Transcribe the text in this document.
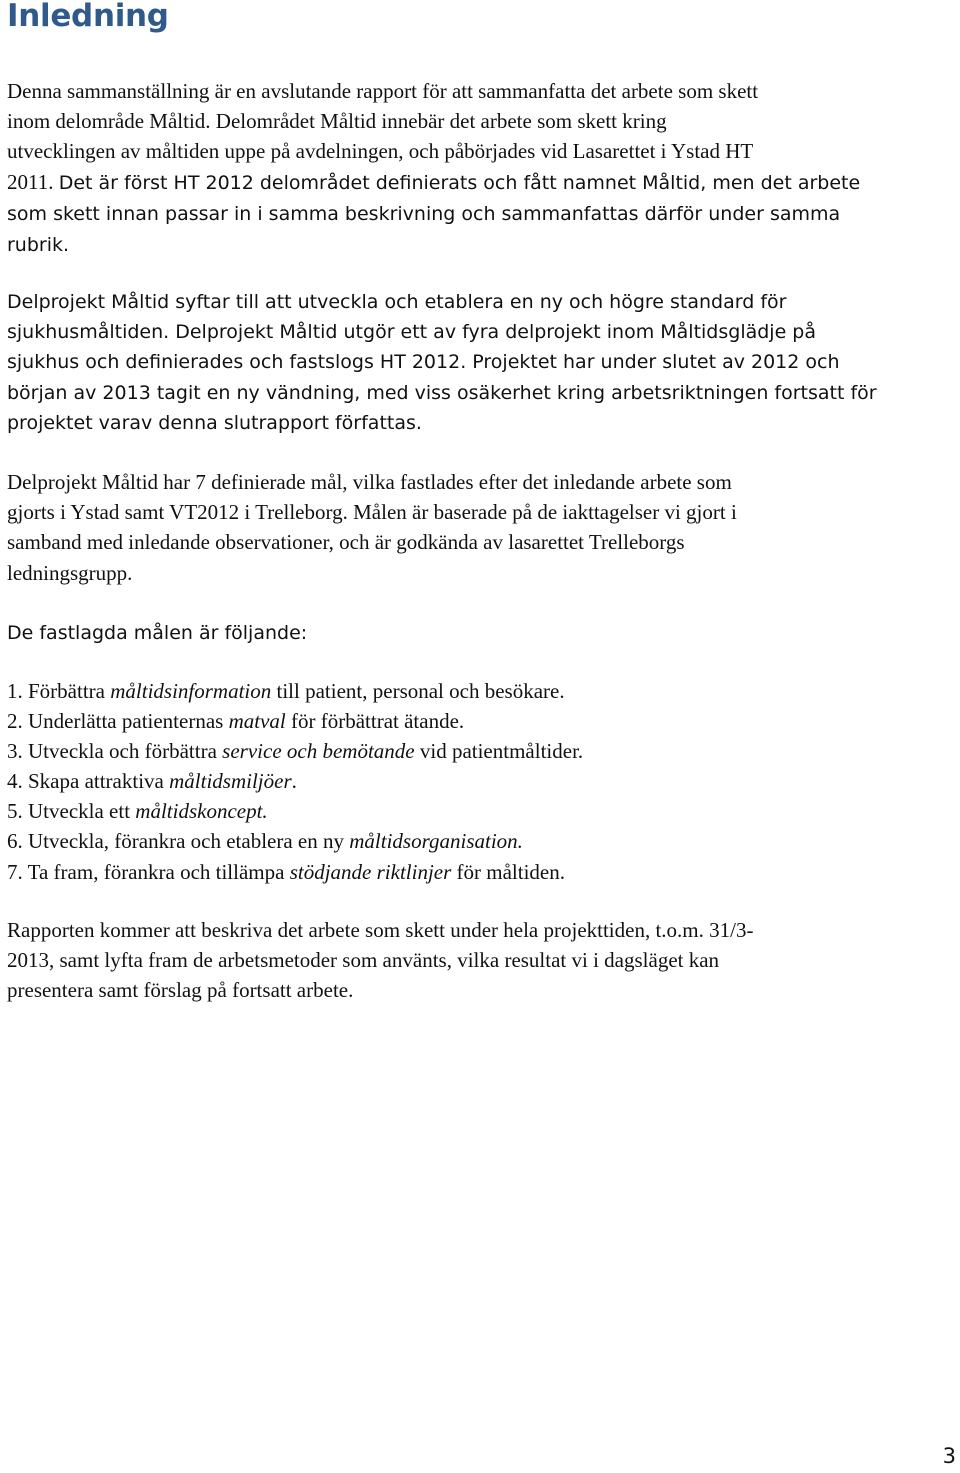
Inledning

Denna sammanställning är en avslutande rapport för att sammanfatta det arbete som skett
inom delområde Måltid. Delområdet Måltid innebär det arbete som skett kring
utvecklingen av måltiden uppe på avdelningen, och påbörjades vid Lasarettet i Ystad HT
2011. Det är först HT 2012 delområdet definierats och fått namnet Måltid, men det arbete
som skett innan passar in i samma beskrivning och sammanfattas därför under samma
rubrik.

Delprojekt Måltid syftar till att utveckla och etablera en ny och högre standard för
sjukhusmåltiden. Delprojekt Måltid utgör ett av fyra delprojekt inom Måltidsglädje på
sjukhus och definierades och fastslogs HT 2012. Projektet har under slutet av 2012 och
början av 2013 tagit en ny vändning, med viss osäkerhet kring arbetsriktningen fortsatt för
projektet varav denna slutrapport författas.

Delprojekt Måltid har 7 definierade mål, vilka fastlades efter det inledande arbete som
gjorts i Ystad samt VT2012 i Trelleborg. Målen är baserade på de iakttagelser vi gjort i
samband med inledande observationer, och är godkända av lasarettet Trelleborgs
ledningsgrupp.

De fastlagda målen är följande:

1. Förbättra måltidsinformation till patient, personal och besökare.
2. Underlätta patienternas matval för förbättrat ätande.
3. Utveckla och förbättra service och bemötande vid patientmåltider.
4. Skapa attraktiva måltidsmiljöer.
5. Utveckla ett måltidskoncept.
6. Utveckla, förankra och etablera en ny måltidsorganisation.
7. Ta fram, förankra och tillämpa stödjande riktlinjer för måltiden.

Rapporten kommer att beskriva det arbete som skett under hela projekttiden, t.o.m. 31/3-
2013, samt lyfta fram de arbetsmetoder som använts, vilka resultat vi i dagsläget kan
presentera samt förslag på fortsatt arbete.

3
